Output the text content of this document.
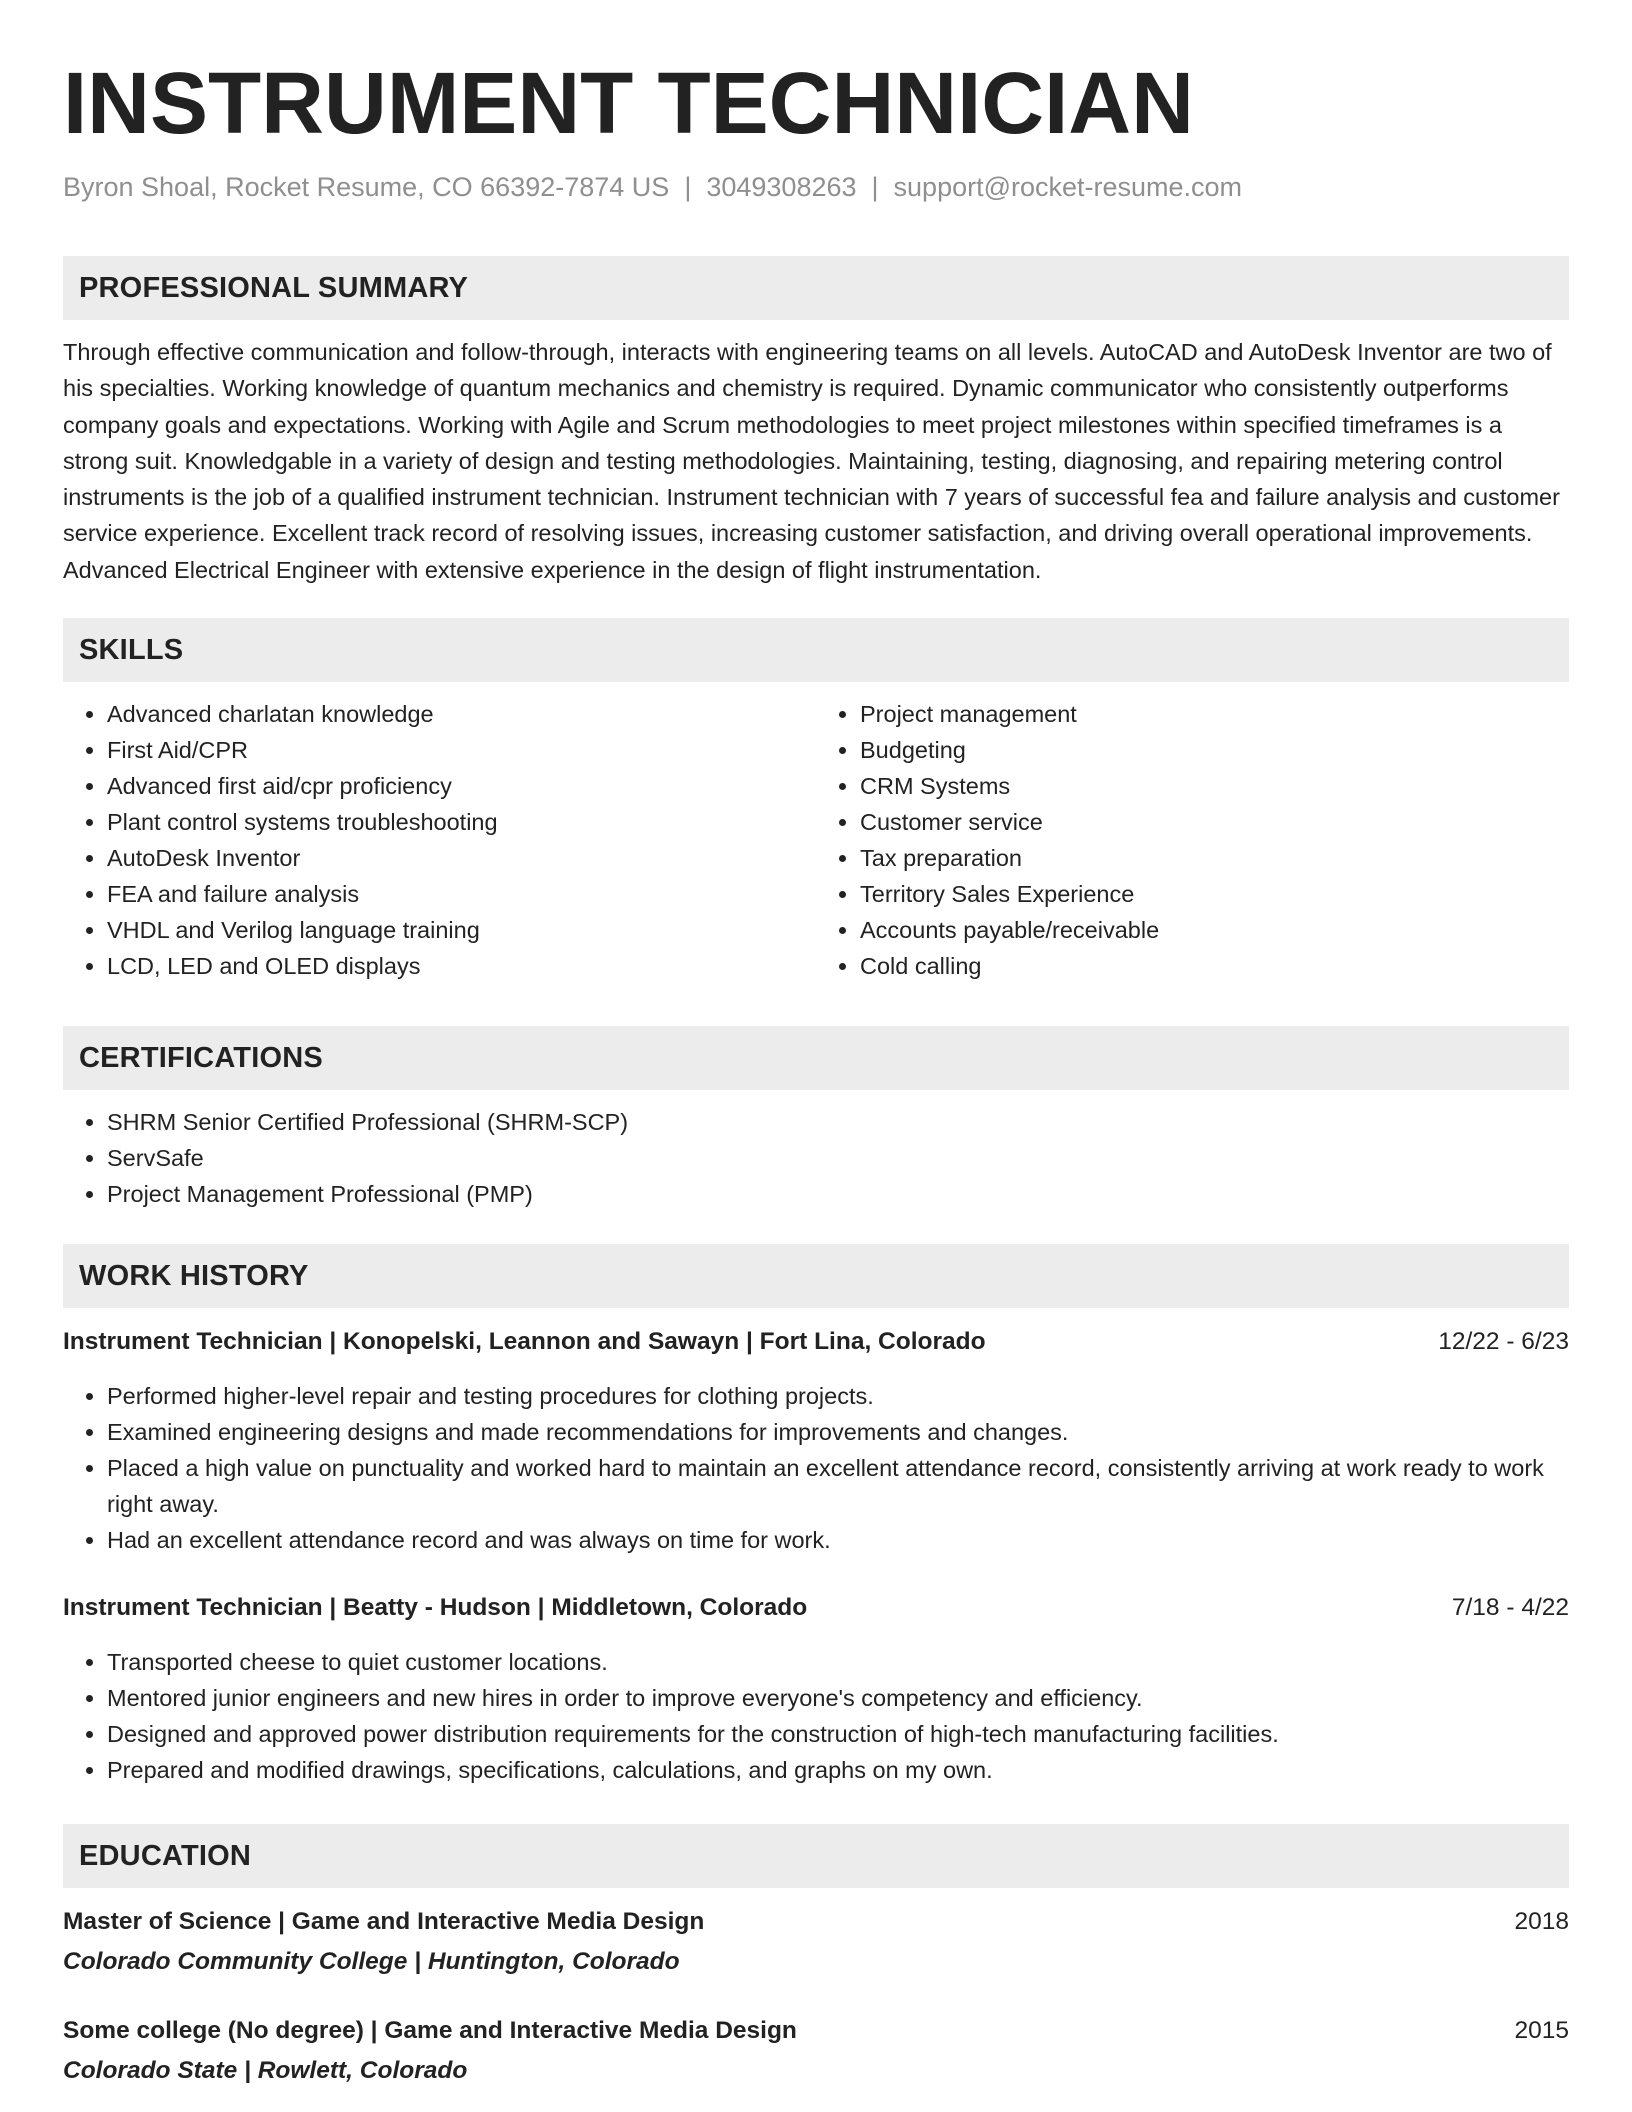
INSTRUMENT TECHNICIAN
Byron Shoal, Rocket Resume, CO 66392-7874 US | 3049308263 | support@rocket-resume.com
PROFESSIONAL SUMMARY

Through effective communication and follow-through, interacts with engineering teams on all levels. AutoCAD and AutoDesk Inventor are two of his specialties. Working knowledge of quantum mechanics and chemistry is required. Dynamic communicator who consistently outperforms company goals and expectations. Working with Agile and Scrum methodologies to meet project milestones within specified timeframes is a strong suit. Knowledgable in a variety of design and testing methodologies. Maintaining, testing, diagnosing, and repairing metering control instruments is the job of a qualified instrument technician. Instrument technician with 7 years of successful fea and failure analysis and customer service experience. Excellent track record of resolving issues, increasing customer satisfaction, and driving overall operational improvements. Advanced Electrical Engineer with extensive experience in the design of flight instrumentation.

SKILLS
• Advanced charlatan knowledge
• First Aid/CPR
• Advanced first aid/cpr proficiency
• Plant control systems troubleshooting
• AutoDesk Inventor
• FEA and failure analysis
• VHDL and Verilog language training
• LCD, LED and OLED displays
• Project management
• Budgeting
• CRM Systems
• Customer service
• Tax preparation
• Territory Sales Experience
• Accounts payable/receivable
• Cold calling
CERTIFICATIONS
• SHRM Senior Certified Professional (SHRM-SCP)
• ServSafe
• Project Management Professional (PMP)
WORK HISTORY
Instrument Technician | Konopelski, Leannon and Sawayn | Fort Lina, Colorado	12/22 - 6/23
• Performed higher-level repair and testing procedures for clothing projects.
• Examined engineering designs and made recommendations for improvements and changes.
• Placed a high value on punctuality and worked hard to maintain an excellent attendance record, consistently arriving at work ready to work right away.
• Had an excellent attendance record and was always on time for work.
Instrument Technician | Beatty - Hudson | Middletown, Colorado	7/18 - 4/22
• Transported cheese to quiet customer locations.
• Mentored junior engineers and new hires in order to improve everyone's competency and efficiency.
• Designed and approved power distribution requirements for the construction of high-tech manufacturing facilities.
• Prepared and modified drawings, specifications, calculations, and graphs on my own.
EDUCATION
Master of Science | Game and Interactive Media Design	2018
Colorado Community College | Huntington, Colorado
Some college (No degree) | Game and Interactive Media Design	2015
Colorado State | Rowlett, Colorado
